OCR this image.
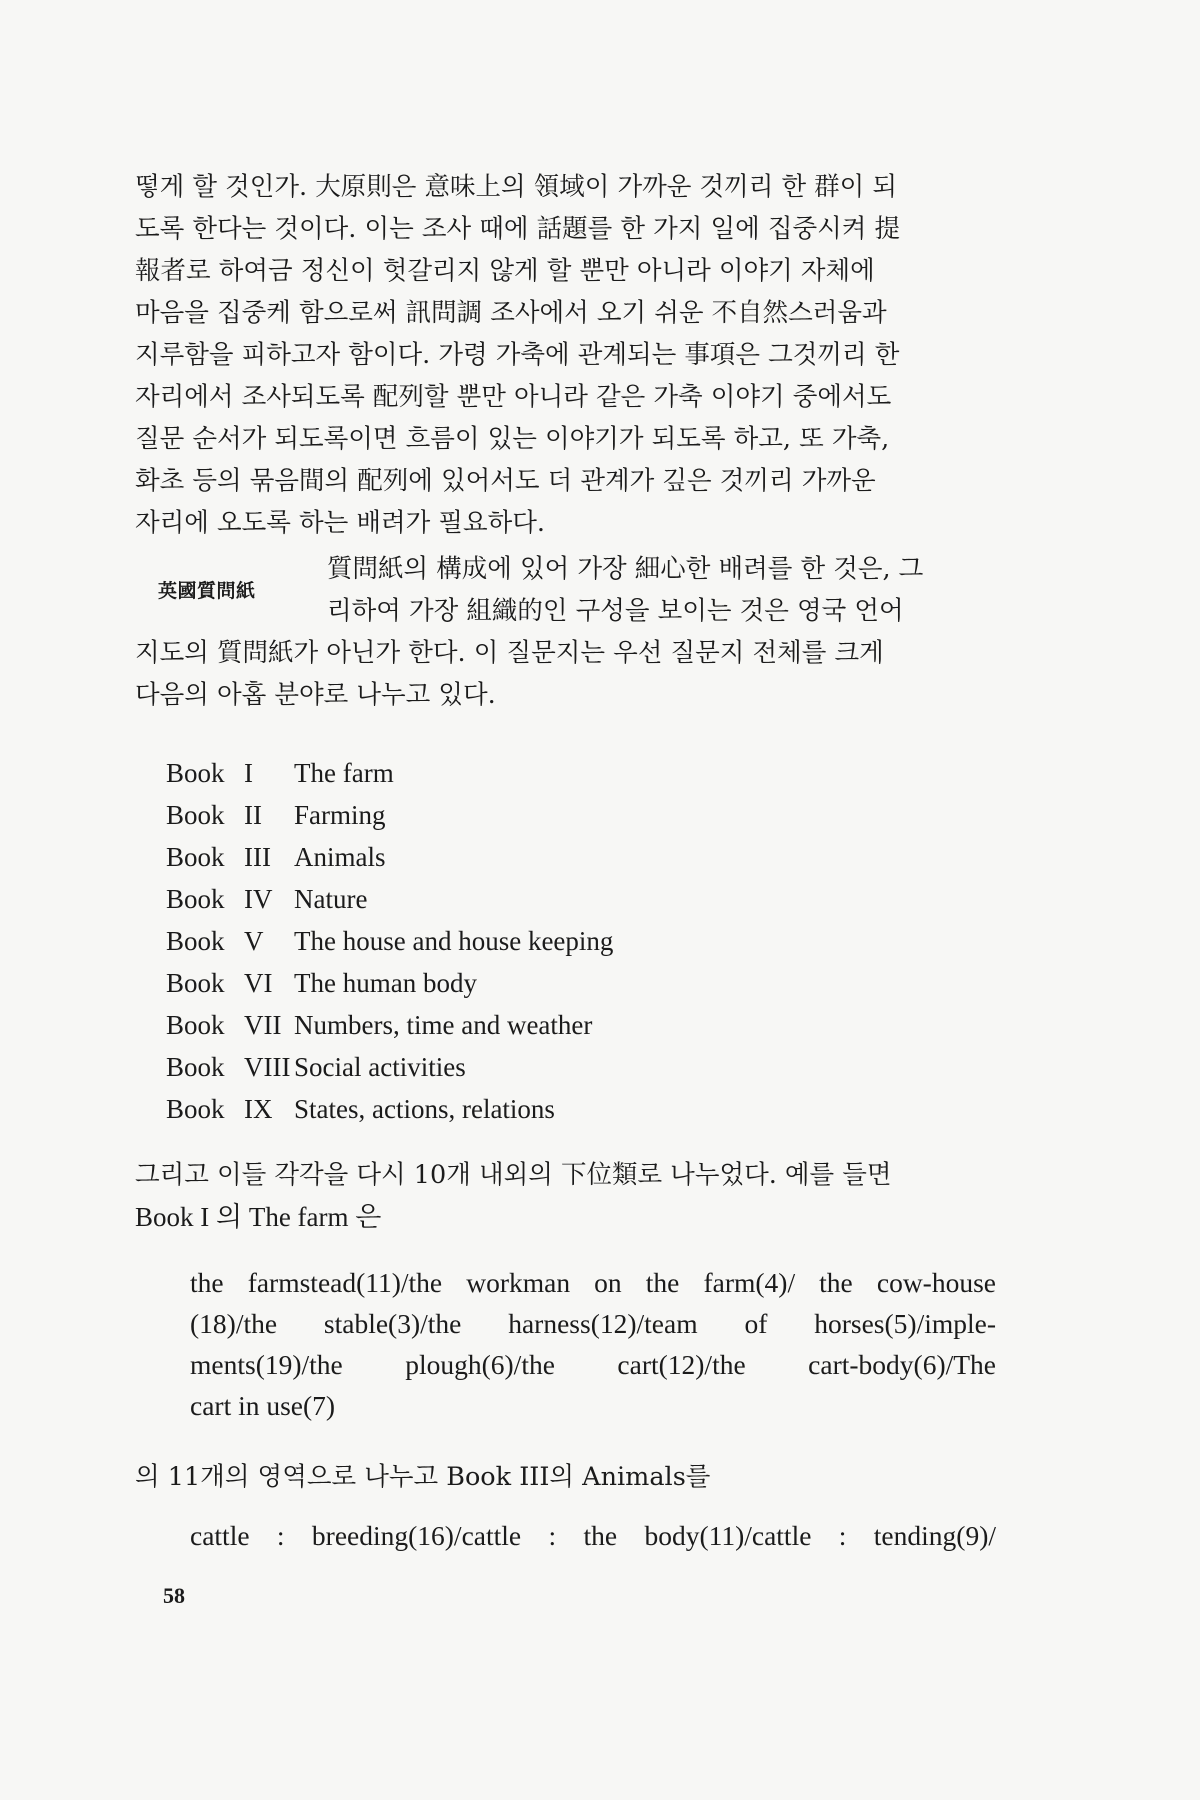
떻게 할 것인가. 大原則은 意味上의 領域이 가까운 것끼리 한 群이 되
도록 한다는 것이다. 이는 조사 때에 話題를 한 가지 일에 집중시켜 提
報者로 하여금 정신이 헛갈리지 않게 할 뿐만 아니라 이야기 자체에
마음을 집중케 함으로써 訊問調 조사에서 오기 쉬운 不自然스러움과
지루함을 피하고자 함이다. 가령 가축에 관계되는 事項은 그것끼리 한
자리에서 조사되도록 配列할 뿐만 아니라 같은 가축 이야기 중에서도
질문 순서가 되도록이면 흐름이 있는 이야기가 되도록 하고, 또 가축,
화초 등의 묶음間의 配列에 있어서도 더 관계가 깊은 것끼리 가까운
자리에 오도록 하는 배려가 필요하다.

英國質問紙

質問紙의 構成에 있어 가장 細心한 배려를 한 것은, 그
리하여 가장 組織的인 구성을 보이는 것은 영국 언어
지도의 質問紙가 아닌가 한다. 이 질문지는 우선 질문지 전체를 크게
다음의 아홉 분야로 나누고 있다.

Book I The farm
Book II Farming
Book III Animals
Book IV Nature
Book V The house and house keeping
Book VI The human body
Book VII Numbers, time and weather
Book VIII Social activities
Book IX States, actions, relations

그리고 이들 각각을 다시 10개 내외의 下位類로 나누었다. 예를 들면
Book I 의 The farm 은

the farmstead(11)/the workman on the farm(4)/ the cow-house
(18)/the stable(3)/the harness(12)/team of horses(5)/imple-
ments(19)/the plough(6)/the cart(12)/the cart-body(6)/The
cart in use(7)

의 11개의 영역으로 나누고 Book III의 Animals를

cattle : breeding(16)/cattle : the body(11)/cattle : tending(9)/

58
